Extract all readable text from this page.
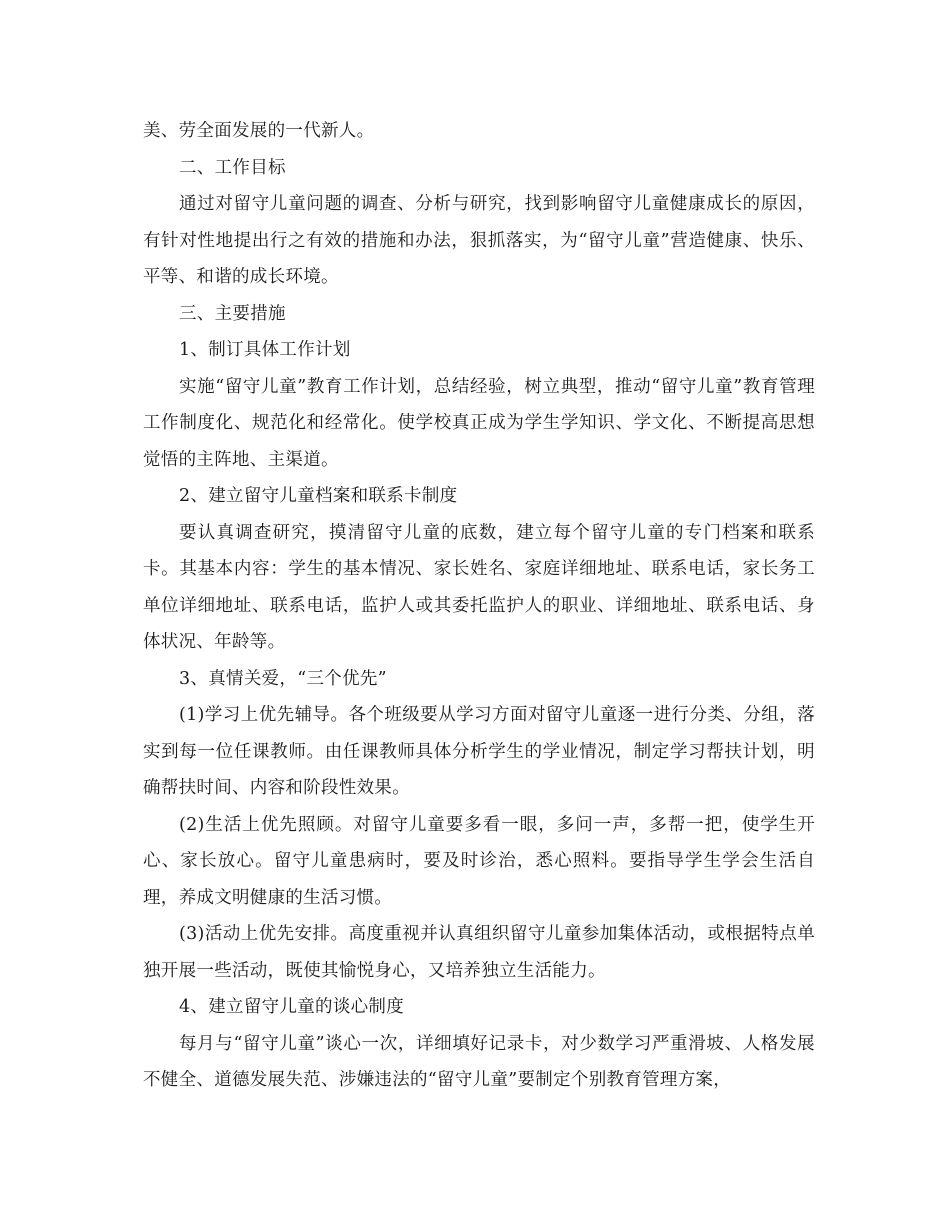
美、劳全面发展的一代新人。

二、工作目标

通过对留守儿童问题的调查、分析与研究，找到影响留守儿童健康成长的原因，有针对性地提出行之有效的措施和办法，狠抓落实，为“留守儿童”营造健康、快乐、平等、和谐的成长环境。

三、主要措施

1、制订具体工作计划

实施“留守儿童”教育工作计划，总结经验，树立典型，推动“留守儿童”教育管理工作制度化、规范化和经常化。使学校真正成为学生学知识、学文化、不断提高思想觉悟的主阵地、主渠道。

2、建立留守儿童档案和联系卡制度

要认真调查研究，摸清留守儿童的底数，建立每个留守儿童的专门档案和联系卡。其基本内容：学生的基本情况、家长姓名、家庭详细地址、联系电话，家长务工单位详细地址、联系电话，监护人或其委托监护人的职业、详细地址、联系电话、身体状况、年龄等。

3、真情关爱，“三个优先”

(1)学习上优先辅导。各个班级要从学习方面对留守儿童逐一进行分类、分组，落实到每一位任课教师。由任课教师具体分析学生的学业情况，制定学习帮扶计划，明确帮扶时间、内容和阶段性效果。

(2)生活上优先照顾。对留守儿童要多看一眼，多问一声，多帮一把，使学生开心、家长放心。留守儿童患病时，要及时诊治，悉心照料。要指导学生学会生活自理，养成文明健康的生活习惯。

(3)活动上优先安排。高度重视并认真组织留守儿童参加集体活动，或根据特点单独开展一些活动，既使其愉悦身心，又培养独立生活能力。

4、建立留守儿童的谈心制度

每月与“留守儿童”谈心一次，详细填好记录卡，对少数学习严重滑坡、人格发展不健全、道德发展失范、涉嫌违法的“留守儿童”要制定个别教育管理方案，
